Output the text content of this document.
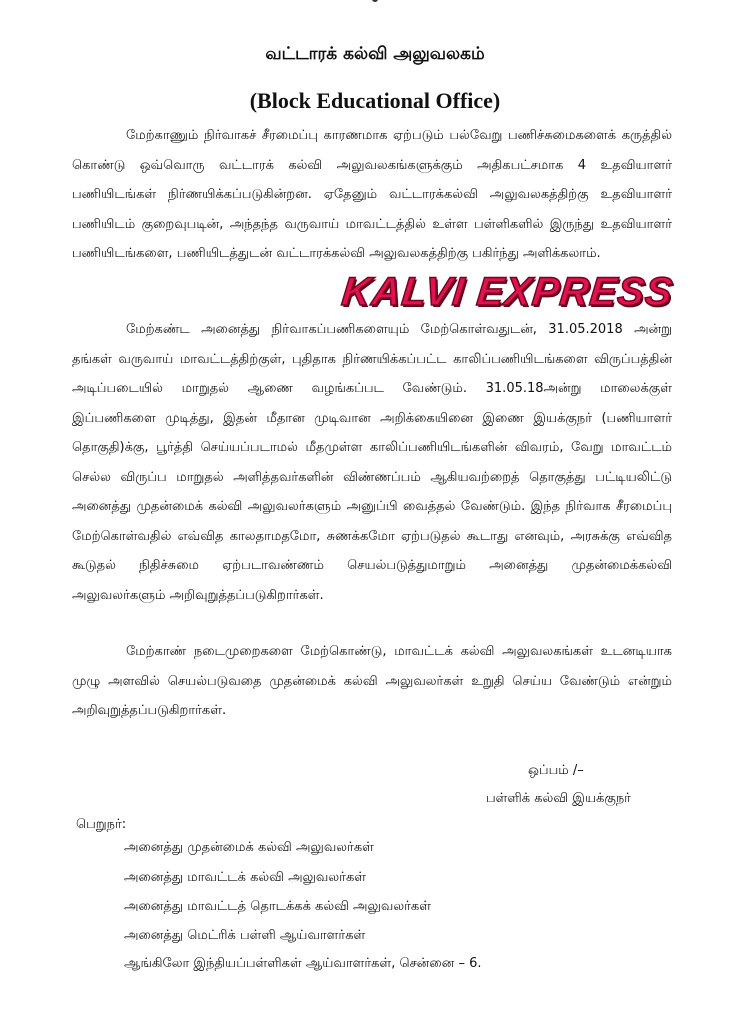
வட்டாரக் கல்வி அலுவலகம்
(Block Educational Office)

மேற்காணும் நிர்வாகச் சீரமைப்பு காரணமாக ஏற்படும் பல்வேறு பணிச்சுமைகளைக் கருத்தில் கொண்டு ஒவ்வொரு வட்டாரக் கல்வி அலுவலகங்களுக்கும் அதிகபட்சமாக 4 உதவியாளர் பணியிடங்கள் நிர்ணயிக்கப்படுகின்றன. ஏதேனும் வட்டாரக்கல்வி அலுவலகத்திற்கு உதவியாளர் பணியிடம் குறைவுபடின், அந்தந்த வருவாய் மாவட்டத்தில் உள்ள பள்ளிகளில் இருந்து உதவியாளர் பணியிடங்களை, பணியிடத்துடன் வட்டாரக்கல்வி அலுவலகத்திற்கு பகிர்ந்து அளிக்கலாம்.

மேற்கண்ட அனைத்து நிர்வாகப்பணிகளையும் மேற்கொள்வதுடன், 31.05.2018 அன்று தங்கள் வருவாய் மாவட்டத்திற்குள், புதிதாக நிர்ணயிக்கப்பட்ட காலிப்பணியிடங்களை விருப்பத்தின் அடிப்படையில் மாறுதல் ஆணை வழங்கப்பட வேண்டும். 31.05.18அன்று மாலைக்குள் இப்பணிகளை முடித்து, இதன் மீதான முடிவான அறிக்கையினை இணை இயக்குநர் (பணியாளர் தொகுதி)க்கு, பூர்த்தி செய்யப்படாமல் மீதமுள்ள காலிப்பணியிடங்களின் விவரம், வேறு மாவட்டம் செல்ல விருப்ப மாறுதல் அளித்தவர்களின் விண்ணப்பம் ஆகியவற்றைத் தொகுத்து பட்டியலிட்டு அனைத்து முதன்மைக் கல்வி அலுவலர்களும் அனுப்பி வைத்தல் வேண்டும். இந்த நிர்வாக சீரமைப்பு மேற்கொள்வதில் எவ்வித காலதாமதமோ, சுணக்கமோ ஏற்படுதல் கூடாது எனவும், அரசுக்கு எவ்வித கூடுதல் நிதிச்சுமை ஏற்படாவண்ணம் செயல்படுத்துமாறும் அனைத்து முதன்மைக்கல்வி அலுவலர்களும் அறிவுறுத்தப்படுகிறார்கள்.

மேற்காண் நடைமுறைகளை மேற்கொண்டு, மாவட்டக் கல்வி அலுவலகங்கள் உடனடியாக முழு அளவில் செயல்படுவதை முதன்மைக் கல்வி அலுவலர்கள் உறுதி செய்ய வேண்டும் என்றும் அறிவுறுத்தப்படுகிறார்கள்.

KALVI EXPRESS
ஒப்பம் /–
பள்ளிக் கல்வி இயக்குநர்
பெறுநர்:
அனைத்து முதன்மைக் கல்வி அலுவலர்கள்
அனைத்து மாவட்டக் கல்வி அலுவலர்கள்
அனைத்து மாவட்டத் தொடக்கக் கல்வி அலுவலர்கள்
அனைத்து மெட்ரிக் பள்ளி ஆய்வாளர்கள்
ஆங்கிலோ இந்தியப்பள்ளிகள் ஆய்வாளர்கள், சென்னை – 6.
